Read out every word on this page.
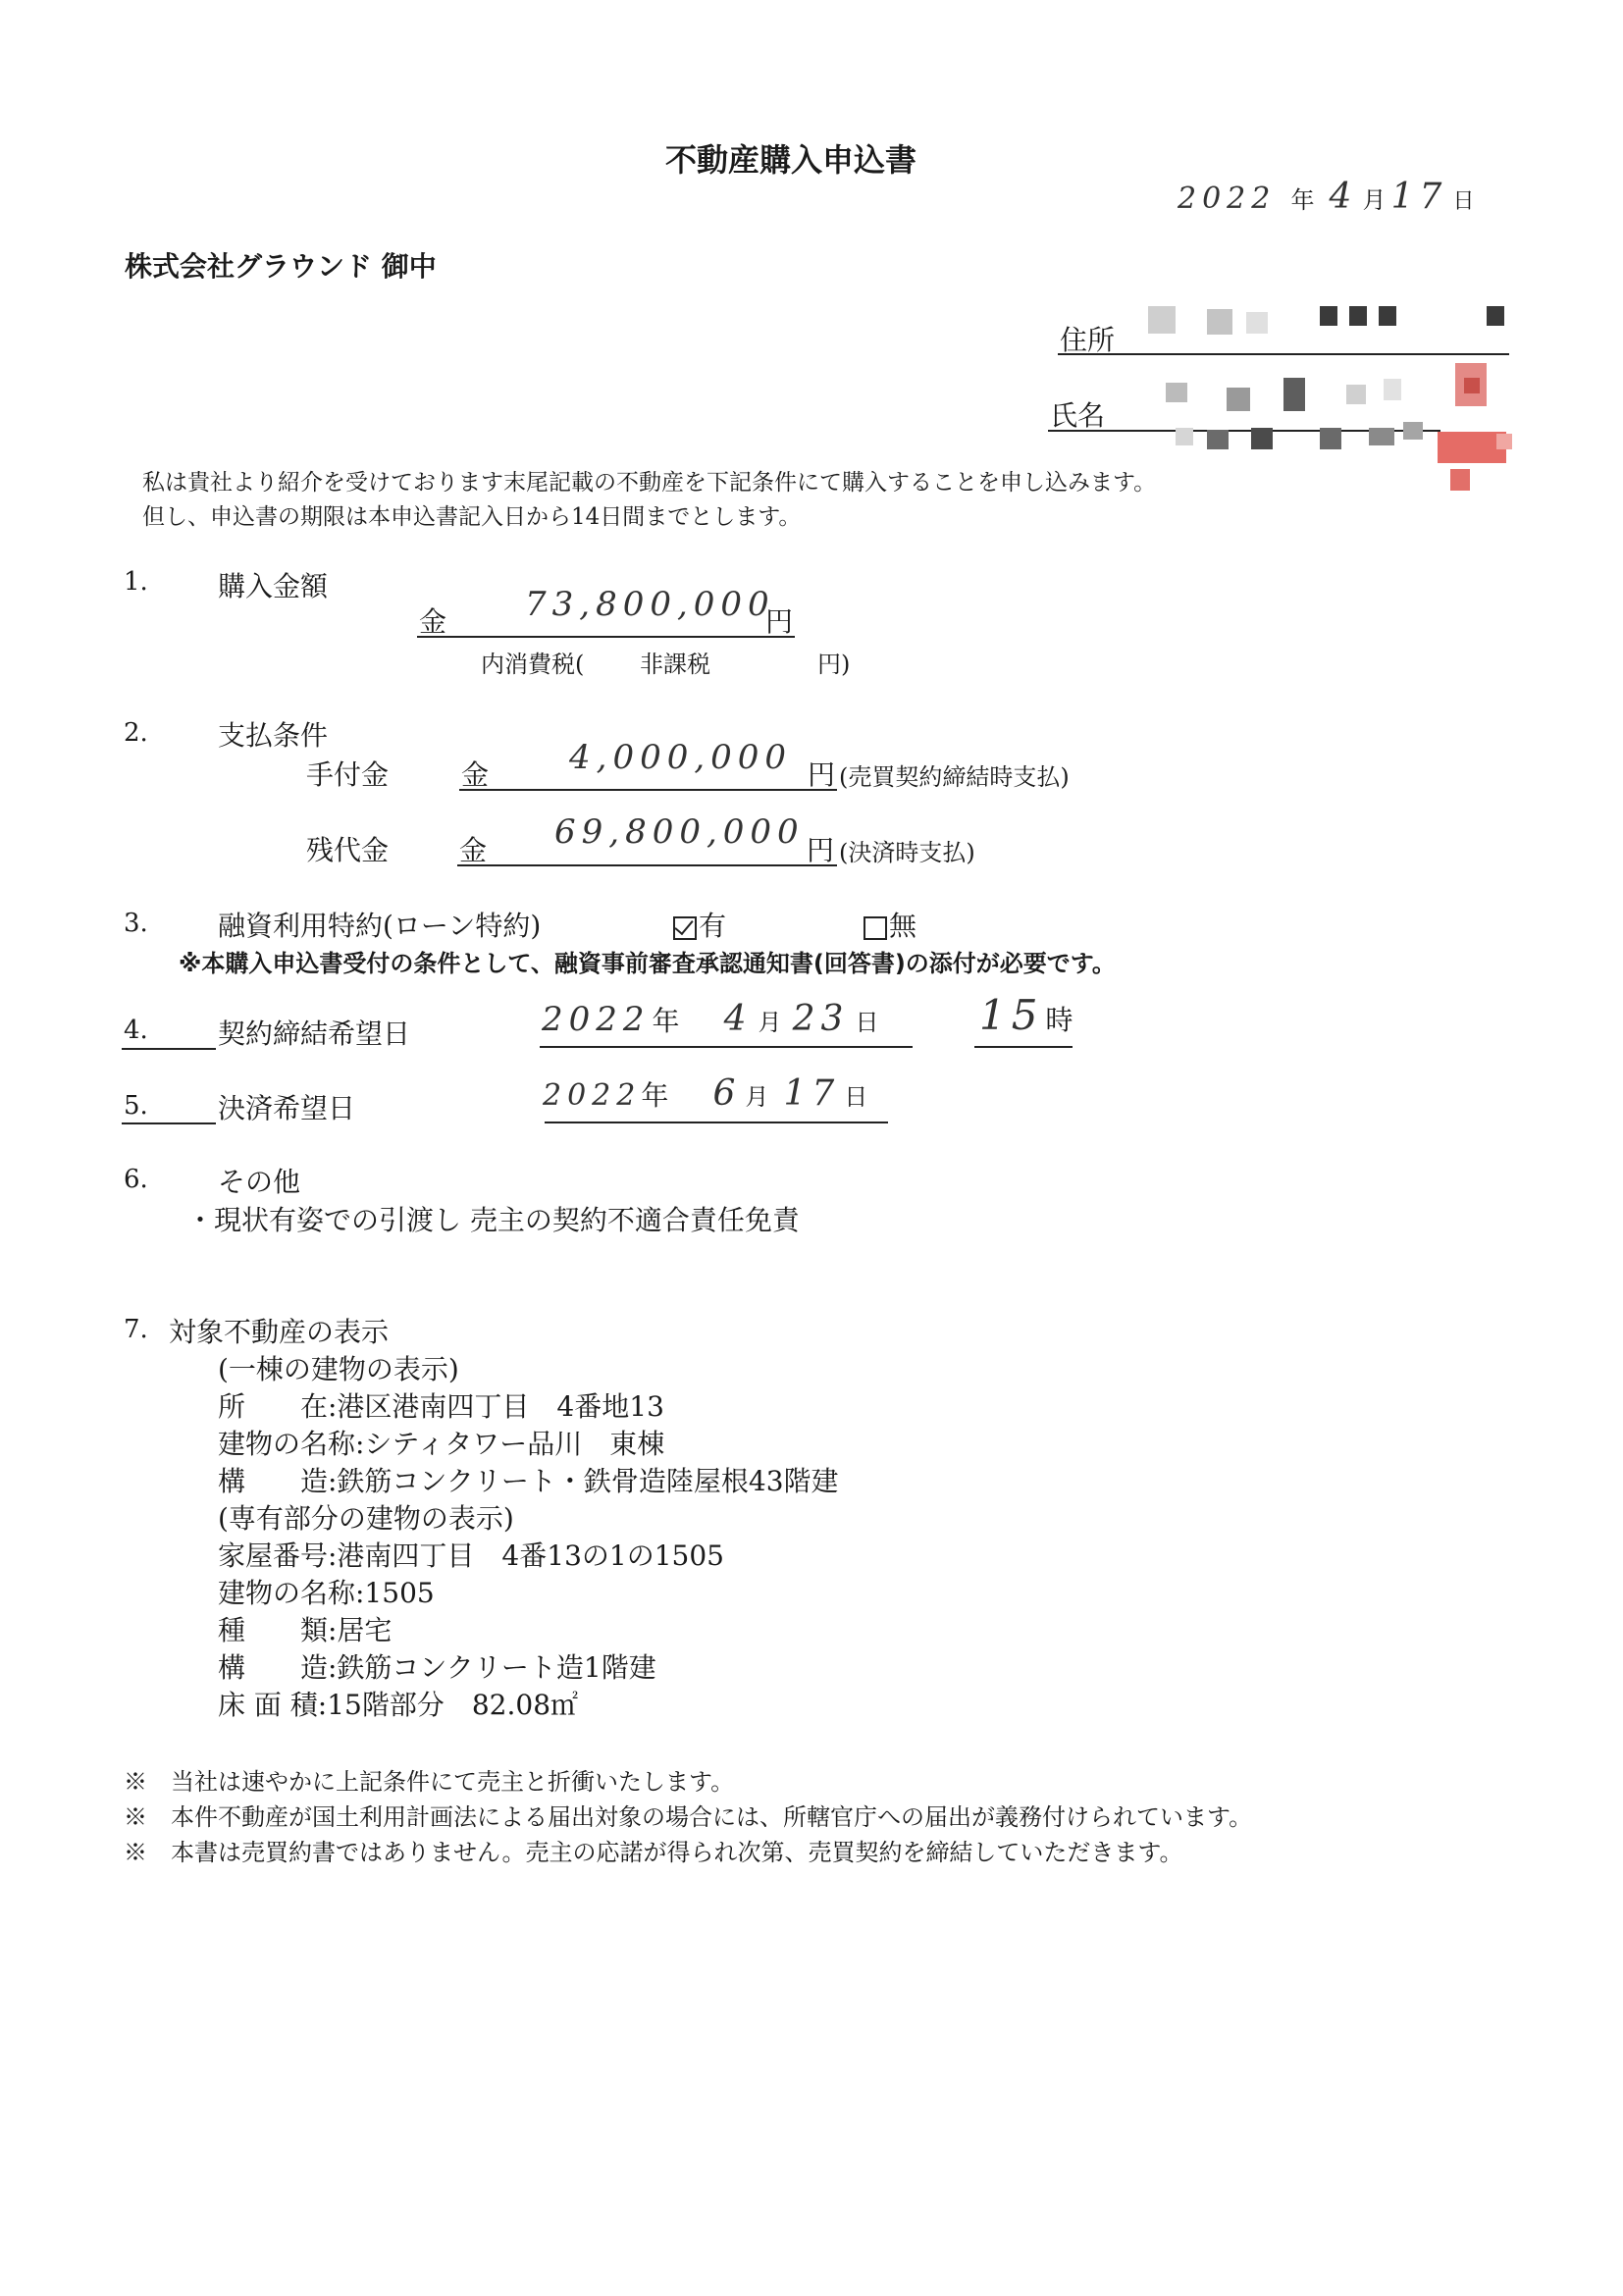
不動産購入申込書
2022 年 4 月 17 日
株式会社グラウンド 御中
住所
氏名
私は貴社より紹介を受けております末尾記載の不動産を下記条件にて購入することを申し込みます。
但し、申込書の期限は本申込書記入日から14日間までとします。
1.	購入金額
金 73,800,000
円
内消費税( 非課税	円)
2.	支払条件
手付金	金 4,000,000 円 (売買契約締結時支払)
残代金	金 69,800,000 円 (決済時支払)
3.	融資利用特約(ローン特約)	有	無
※本購入申込書受付の条件として、融資事前審査承認通知書(回答書)の添付が必要です。
4.	契約締結希望日	2022年 4 月 23 日 15時
5.	決済希望日	2022年 6 月 17 日
6.	その他
・現状有姿での引渡し 売主の契約不適合責任免責
7. 対象不動産の表示
(一棟の建物の表示)
所　　在:港区港南四丁目　4番地13
建物の名称:シティタワー品川　東棟
構　　造:鉄筋コンクリート・鉄骨造陸屋根43階建
(専有部分の建物の表示)
家屋番号:港南四丁目　4番13の1の1505
建物の名称:1505
種　　類:居宅
構　　造:鉄筋コンクリート造1階建
床 面 積:15階部分　82.08㎡
※　当社は速やかに上記条件にて売主と折衝いたします。
※　本件不動産が国土利用計画法による届出対象の場合には、所轄官庁への届出が義務付けられています。
※　本書は売買約書ではありません。売主の応諾が得られ次第、売買契約を締結していただきます。
